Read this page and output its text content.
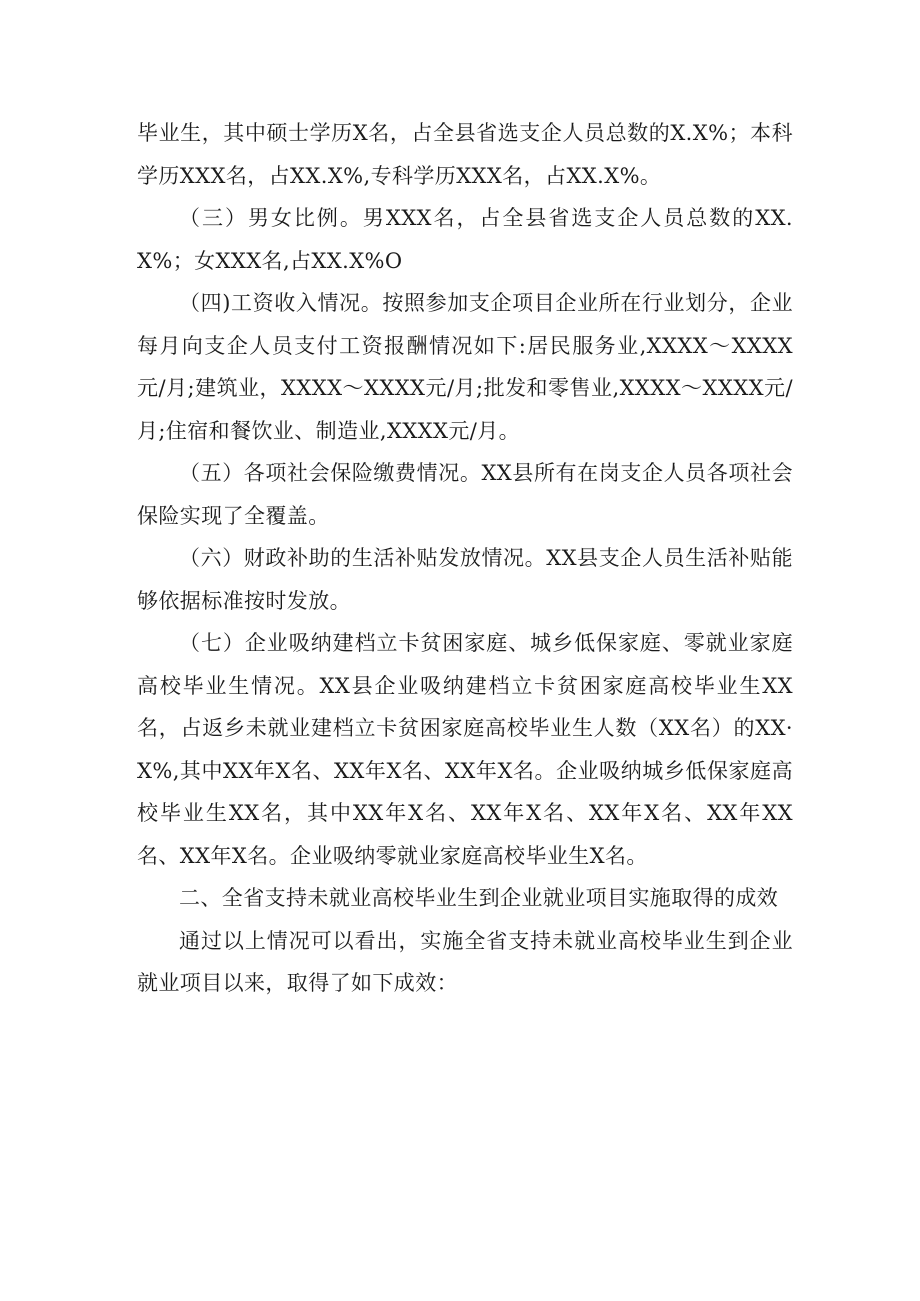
毕业生，其中硕士学历X名，占全县省选支企人员总数的X.X%；本科学历XXX名，占XX.X%,专科学历XXX名，占XX.X%。

（三）男女比例。男XXX名，占全县省选支企人员总数的XX.X%；女XXX名,占XX.X%O

（四)工资收入情况。按照参加支企项目企业所在行业划分，企业每月向支企人员支付工资报酬情况如下:居民服务业,XXXX～XXXX元/月;建筑业，XXXX～XXXX元/月;批发和零售业,XXXX～XXXX元/月;住宿和餐饮业、制造业,XXXX元/月。

（五）各项社会保险缴费情况。XX县所有在岗支企人员各项社会保险实现了全覆盖。

（六）财政补助的生活补贴发放情况。XX县支企人员生活补贴能够依据标准按时发放。

（七）企业吸纳建档立卡贫困家庭、城乡低保家庭、零就业家庭高校毕业生情况。XX县企业吸纳建档立卡贫困家庭高校毕业生XX名，占返乡未就业建档立卡贫困家庭高校毕业生人数（XX名）的XX·X%,其中XX年X名、XX年X名、XX年X名。企业吸纳城乡低保家庭高校毕业生XX名，其中XX年X名、XX年X名、XX年X名、XX年XX名、XX年X名。企业吸纳零就业家庭高校毕业生X名。

二、全省支持未就业高校毕业生到企业就业项目实施取得的成效

通过以上情况可以看出，实施全省支持未就业高校毕业生到企业就业项目以来，取得了如下成效：
